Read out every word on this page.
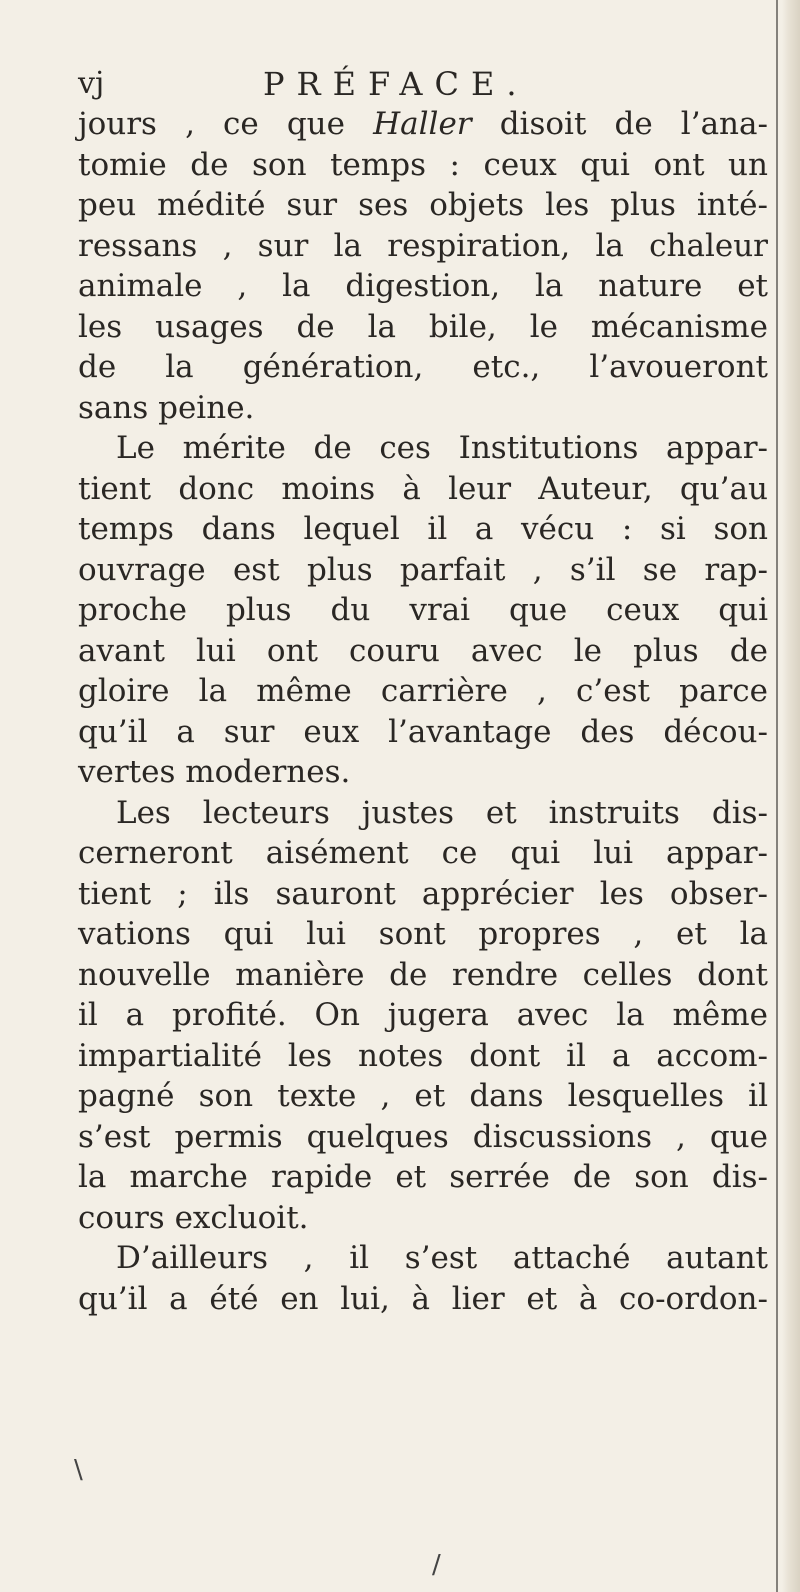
vj	PRÉFACE.
jours , ce que Haller disoit de l’ana-
tomie de son temps : ceux qui ont un
peu médité sur ses objets les plus inté-
ressans , sur la respiration, la chaleur
animale , la digestion, la nature et
les usages de la bile, le mécanisme
de la génération, etc., l’avoueront
sans peine.
Le mérite de ces Institutions appar-
tient donc moins à leur Auteur, qu’au
temps dans lequel il a vécu : si son
ouvrage est plus parfait , s’il se rap-
proche plus du vrai que ceux qui
avant lui ont couru avec le plus de
gloire la même carrière , c’est parce
qu’il a sur eux l’avantage des décou-
vertes modernes.
Les lecteurs justes et instruits dis-
cerneront aisément ce qui lui appar-
tient ; ils sauront apprécier les obser-
vations qui lui sont propres , et la
nouvelle manière de rendre celles dont
il a profité. On jugera avec la même
impartialité les notes dont il a accom-
pagné son texte , et dans lesquelles il
s’est permis quelques discussions , que
la marche rapide et serrée de son dis-
cours excluoit.
D’ailleurs , il s’est attaché autant
qu’il a été en lui, à lier et à co-ordon-
\
/
